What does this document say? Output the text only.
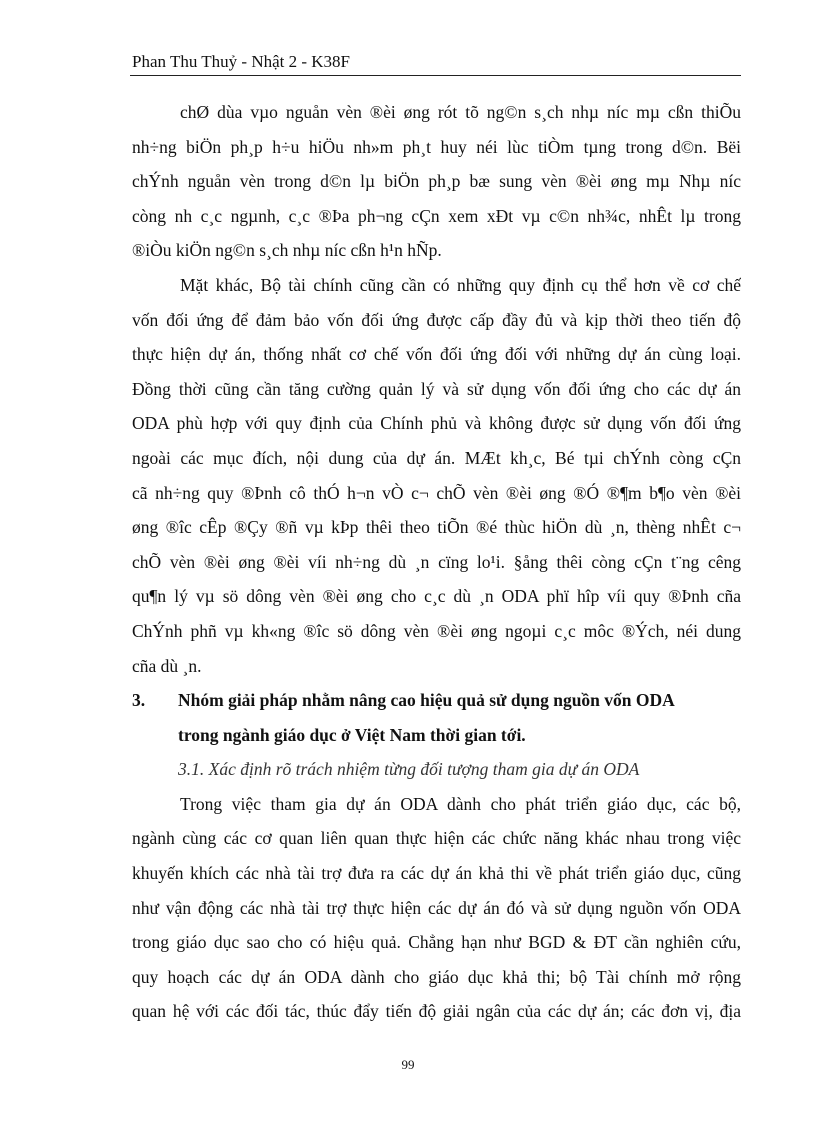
Phan Thu Thuỷ - Nhật 2 - K38F
chØ dùa vµo nguån vèn ®èi øng rót tõ ng©n s¸ch nhµ níc mµ cßn thiÕu
nh÷ng biÖn ph¸p h÷u hiÖu nh»m ph¸t huy néi lùc tiÒm tµng trong d©n. Bëi
chÝnh nguån vèn trong d©n lµ biÖn ph¸p bæ sung vèn ®èi øng mµ Nhµ níc
còng nh c¸c ngµnh, c¸c ®Þa ph¬ng cÇn xem xÐt vµ c©n nh¾c, nhÊt lµ trong
®iÒu kiÖn ng©n s¸ch nhµ níc cßn h¹n hÑp.
Mặt khác, Bộ tài chính cũng cần có những quy định cụ thể hơn về cơ chế
vốn đối ứng để đảm bảo vốn đối ứng được cấp đầy đủ và kịp thời theo tiến độ
thực hiện dự án, thống nhất cơ chế vốn đối ứng đối với những dự án cùng loại.
Đồng thời cũng cần tăng cường quản lý và sử dụng vốn đối ứng cho các dự án
ODA phù hợp với quy định của Chính phủ và không được sử dụng vốn đối ứng
ngoài các mục đích, nội dung của dự án. MÆt kh¸c, Bé tµi chÝnh còng cÇn
cã nh÷ng quy ®Þnh cô thÓ h¬n vÒ c¬ chÕ vèn ®èi øng ®Ó ®¶m b¶o vèn ®èi
øng ®îc cÊp ®Çy ®ñ vµ kÞp thêi theo tiÕn ®é thùc hiÖn dù ¸n, thèng nhÊt c¬
chÕ vèn ®èi øng ®èi víi nh÷ng dù ¸n cïng lo¹i. §ång thêi còng cÇn t¨ng cêng
qu¶n lý vµ sö dông vèn ®èi øng cho c¸c dù ¸n ODA phï hîp víi quy ®Þnh cña
ChÝnh phñ vµ kh«ng ®îc sö dông vèn ®èi øng ngoµi c¸c môc ®Ých, néi dung
cña dù ¸n.
3. Nhóm giải pháp nhằm nâng cao hiệu quả sử dụng nguồn vốn ODA
trong ngành giáo dục ở Việt Nam thời gian tới.
3.1. Xác định rõ trách nhiệm từng đối tượng tham gia dự án ODA
Trong việc tham gia dự án ODA dành cho phát triển giáo dục, các bộ,
ngành cùng các cơ quan liên quan thực hiện các chức năng khác nhau trong việc
khuyến khích các nhà tài trợ đưa ra các dự án khả thi về phát triển giáo dục, cũng
như vận động các nhà tài trợ thực hiện các dự án đó và sử dụng nguồn vốn ODA
trong giáo dục sao cho có hiệu quả. Chẳng hạn như BGD & ĐT cần nghiên cứu,
quy hoạch các dự án ODA dành cho giáo dục khả thi; bộ Tài chính mở rộng
quan hệ với các đối tác, thúc đẩy tiến độ giải ngân của các dự án; các đơn vị, địa
99
